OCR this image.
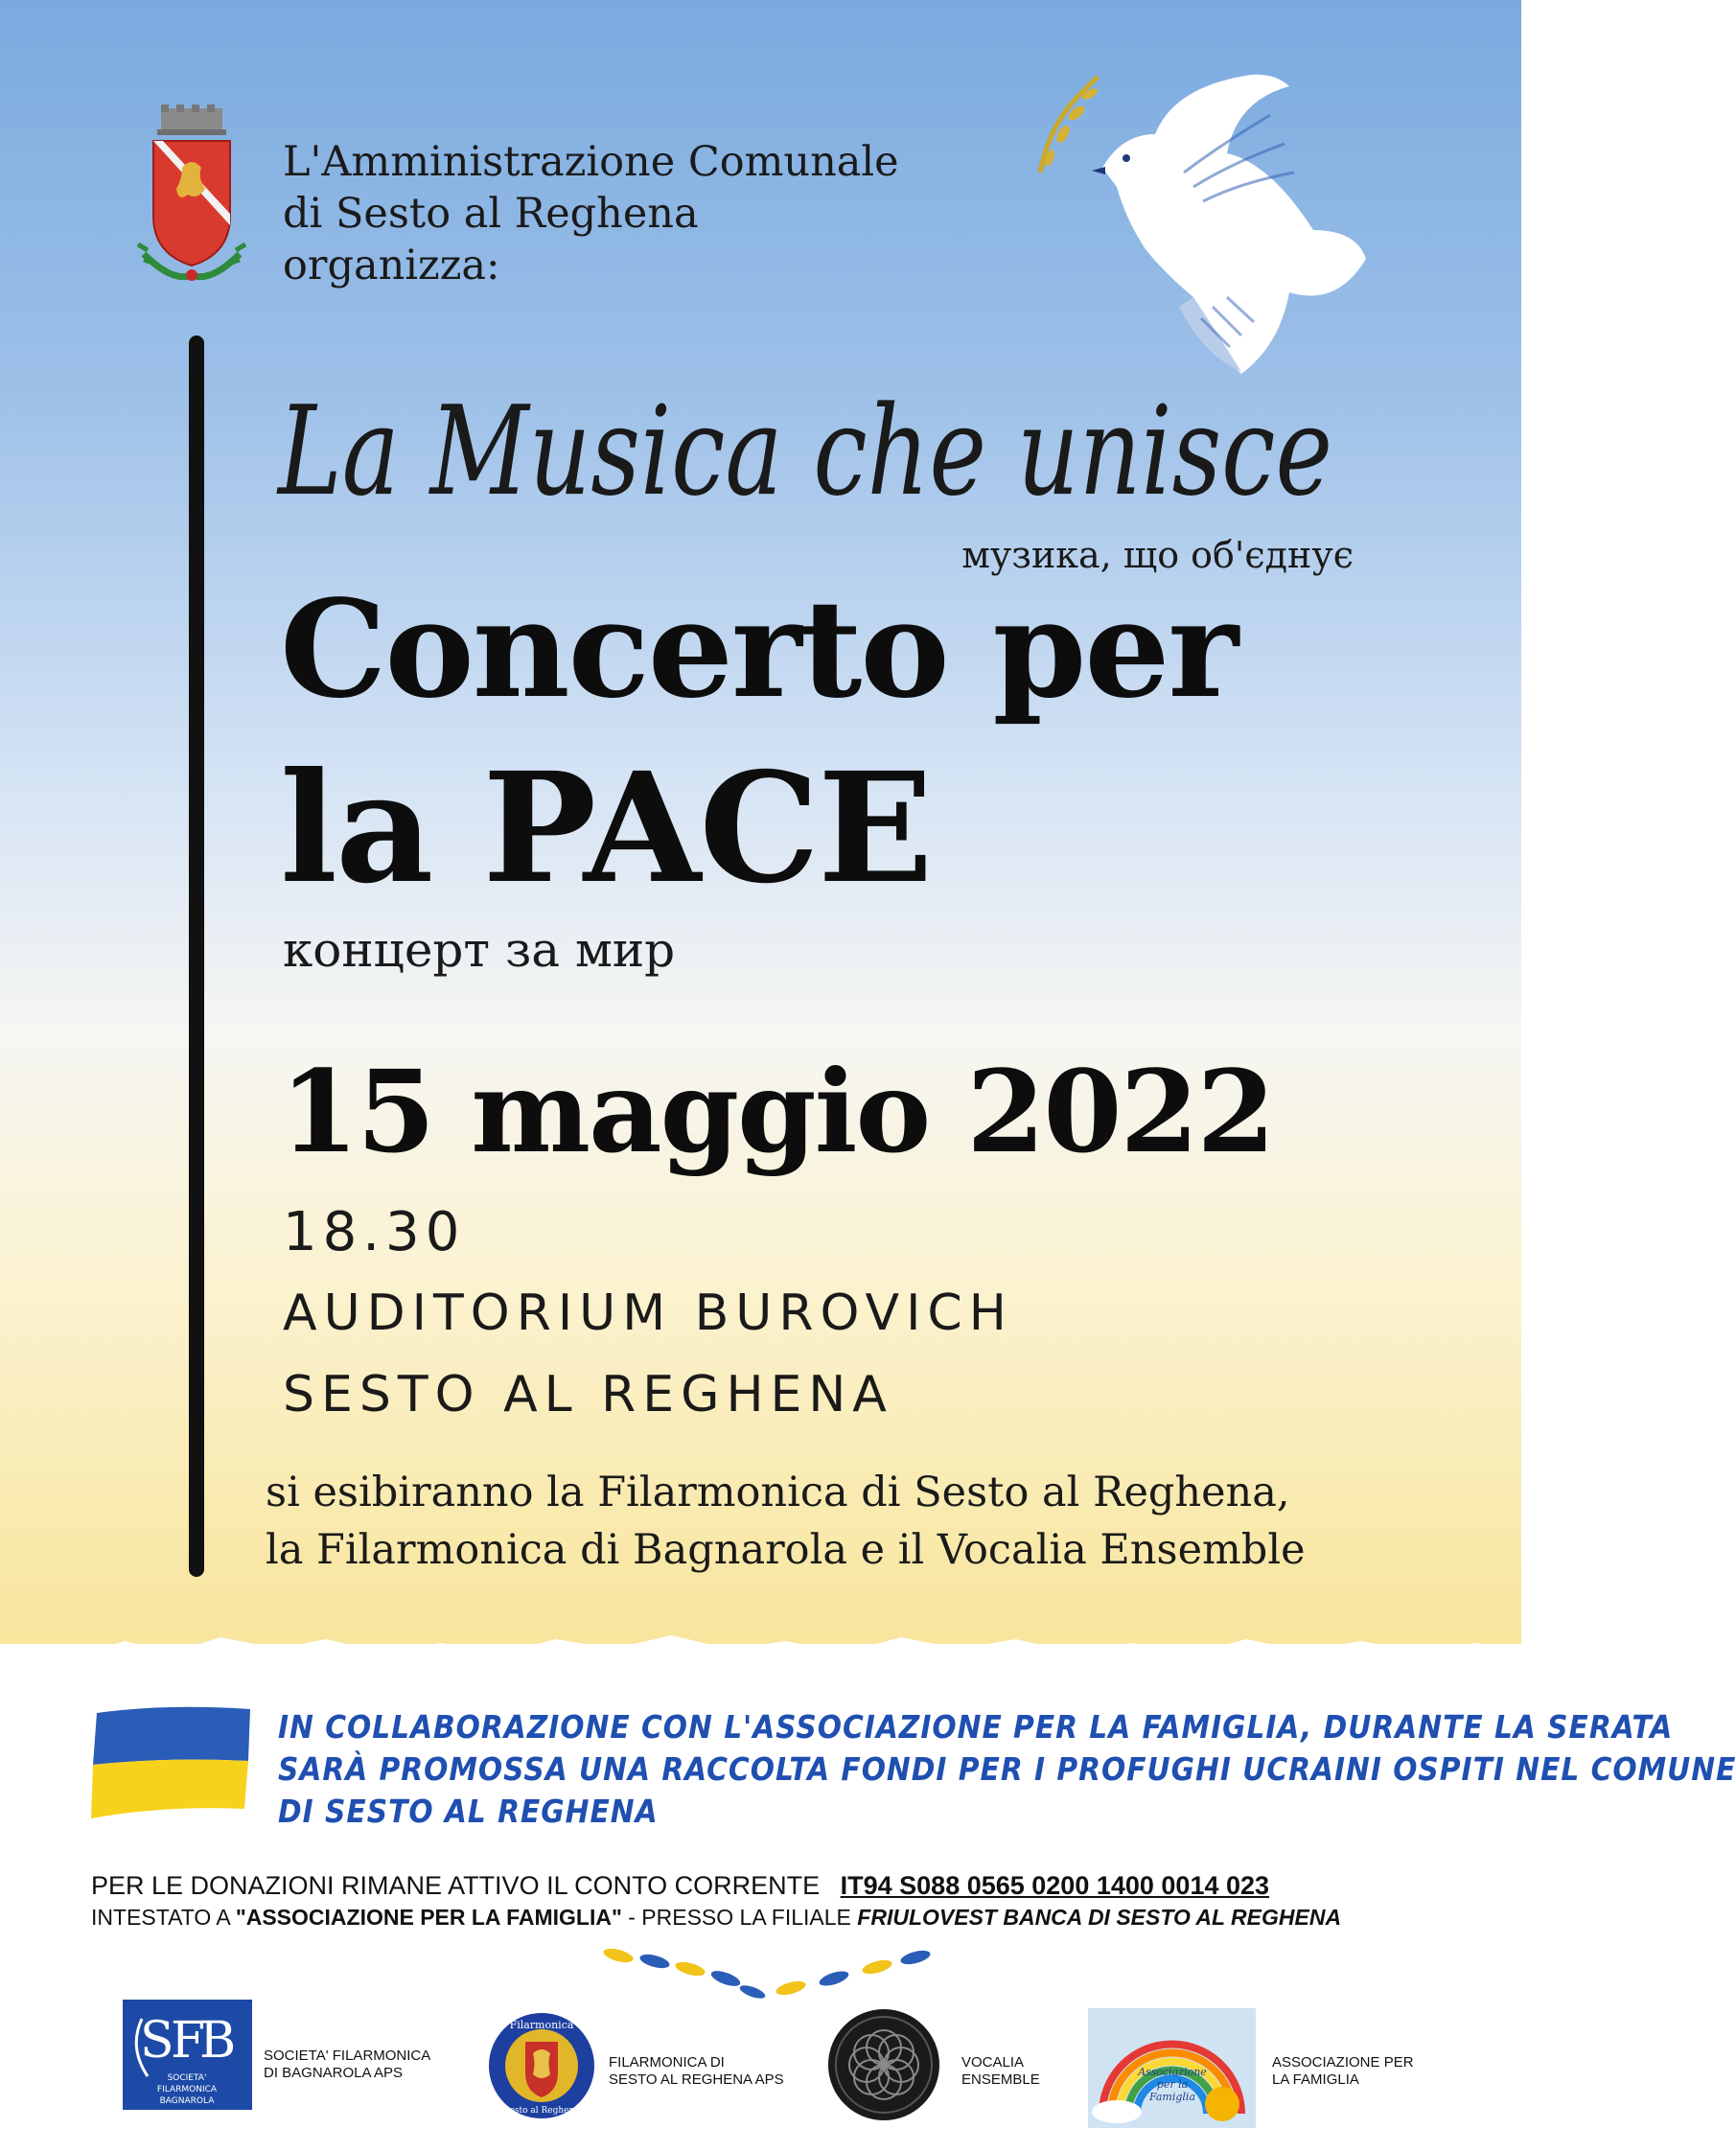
L'Amministrazione Comunale
di Sesto al Reghena
organizza:
La Musica che unisce
музика, що об'єднує
Concerto per
la PACE
концерт за мир
15 maggio 2022
18.30
AUDITORIUM BUROVICH
SESTO AL REGHENA
si esibiranno la Filarmonica di Sesto al Reghena,
la Filarmonica di Bagnarola e il Vocalia Ensemble
IN COLLABORAZIONE CON L'ASSOCIAZIONE PER LA FAMIGLIA, DURANTE LA SERATA
SARÀ PROMOSSA UNA RACCOLTA FONDI PER I PROFUGHI UCRAINI OSPITI NEL COMUNE
DI SESTO AL REGHENA
PER LE DONAZIONI RIMANE ATTIVO IL CONTO CORRENTE IT94 S088 0565 0200 1400 0014 023
INTESTATO A "ASSOCIAZIONE PER LA FAMIGLIA" - PRESSO LA FILIALE FRIULOVEST BANCA DI SESTO AL REGHENA
S
F
B
SOCIETA'
FILARMONICA
BAGNAROLA
SOCIETA' FILARMONICA
DI BAGNAROLA APS
Filarmonica
Sesto al Reghena
FILARMONICA DI
SESTO AL REGHENA APS
VOCALIA
ENSEMBLE	Associazione
per la
Famiglia
ASSOCIAZIONE PER
LA FAMIGLIA
